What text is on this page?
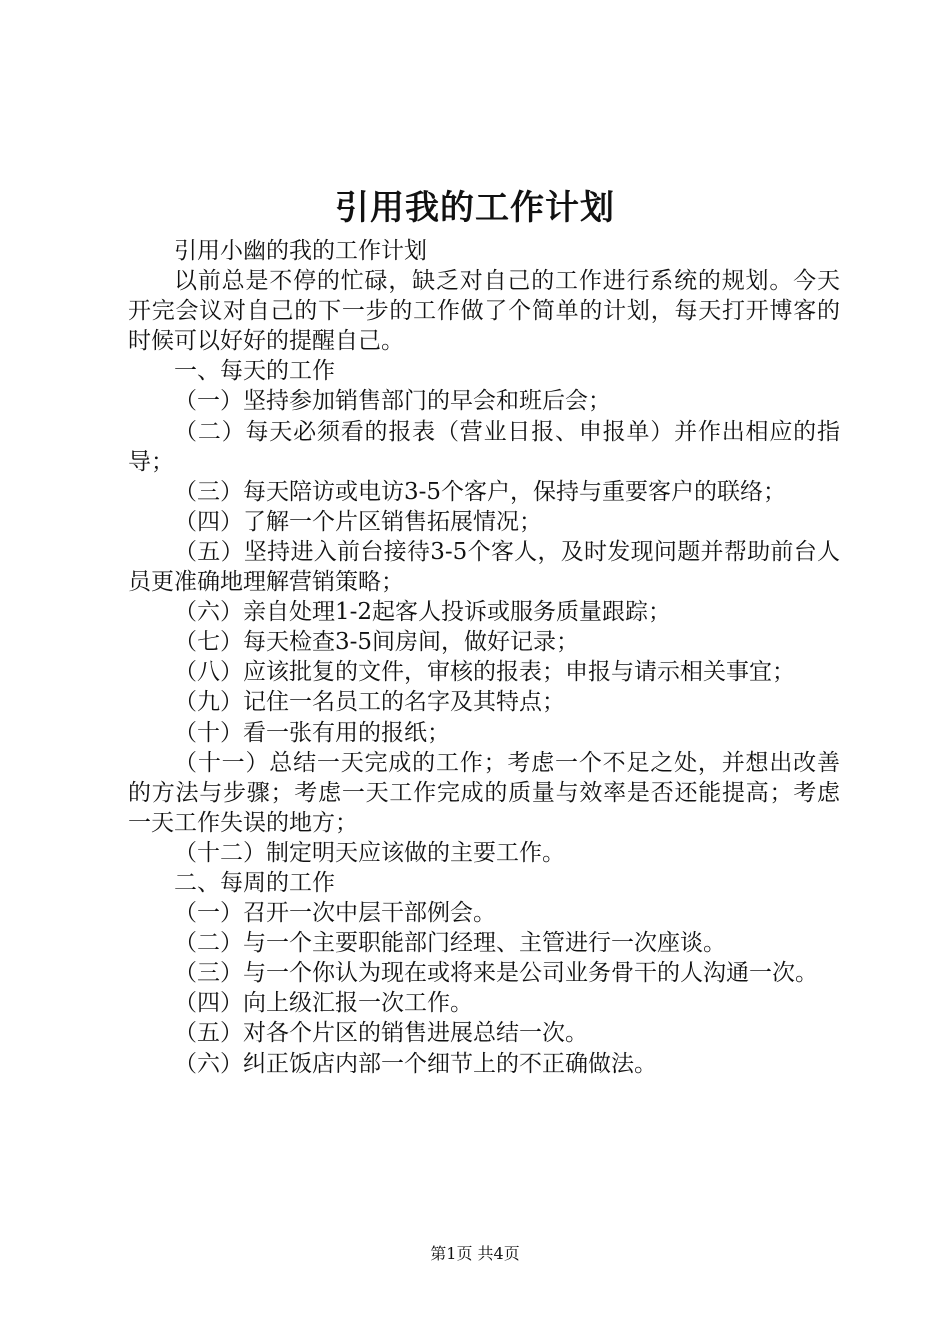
引用我的工作计划

引用小幽的我的工作计划

以前总是不停的忙碌，缺乏对自己的工作进行系统的规划。今天开完会议对自己的下一步的工作做了个简单的计划，每天打开博客的时候可以好好的提醒自己。

一、每天的工作

（一）坚持参加销售部门的早会和班后会；

（二）每天必须看的报表（营业日报、申报单）并作出相应的指导；

（三）每天陪访或电访3-5个客户，保持与重要客户的联络；

（四）了解一个片区销售拓展情况；

（五）坚持进入前台接待3-5个客人，及时发现问题并帮助前台人员更准确地理解营销策略；

（六）亲自处理1-2起客人投诉或服务质量跟踪；

（七）每天检查3-5间房间，做好记录；

（八）应该批复的文件，审核的报表；申报与请示相关事宜；

（九）记住一名员工的名字及其特点；

（十）看一张有用的报纸；

（十一）总结一天完成的工作；考虑一个不足之处，并想出改善的方法与步骤；考虑一天工作完成的质量与效率是否还能提高；考虑一天工作失误的地方；

（十二）制定明天应该做的主要工作。

二、每周的工作

（一）召开一次中层干部例会。

（二）与一个主要职能部门经理、主管进行一次座谈。

（三）与一个你认为现在或将来是公司业务骨干的人沟通一次。

（四）向上级汇报一次工作。

（五）对各个片区的销售进展总结一次。

（六）纠正饭店内部一个细节上的不正确做法。

第1页 共4页
